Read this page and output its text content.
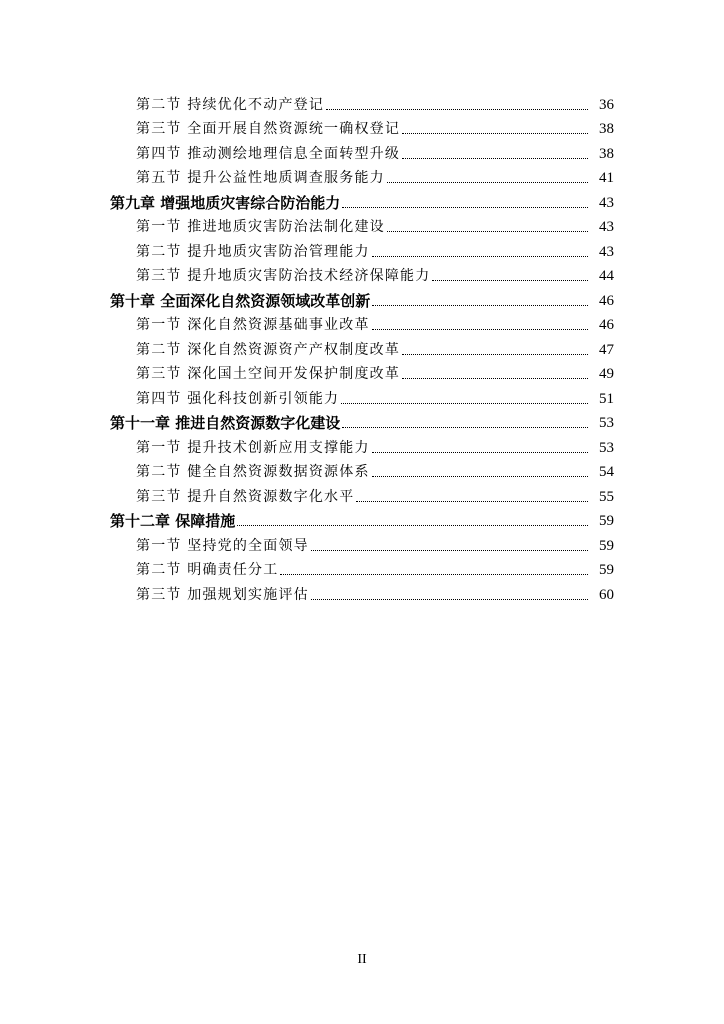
第二节 持续优化不动产登记	36
第三节 全面开展自然资源统一确权登记	38
第四节 推动测绘地理信息全面转型升级	38
第五节 提升公益性地质调查服务能力	41
第九章 增强地质灾害综合防治能力	43
第一节 推进地质灾害防治法制化建设	43
第二节 提升地质灾害防治管理能力	43
第三节 提升地质灾害防治技术经济保障能力	44
第十章 全面深化自然资源领域改革创新	46
第一节 深化自然资源基础事业改革	46
第二节 深化自然资源资产产权制度改革	47
第三节 深化国土空间开发保护制度改革	49
第四节 强化科技创新引领能力	51
第十一章 推进自然资源数字化建设	53
第一节 提升技术创新应用支撑能力	53
第二节 健全自然资源数据资源体系	54
第三节 提升自然资源数字化水平	55
第十二章 保障措施	59
第一节 坚持党的全面领导	59
第二节 明确责任分工	59
第三节 加强规划实施评估	60
II
